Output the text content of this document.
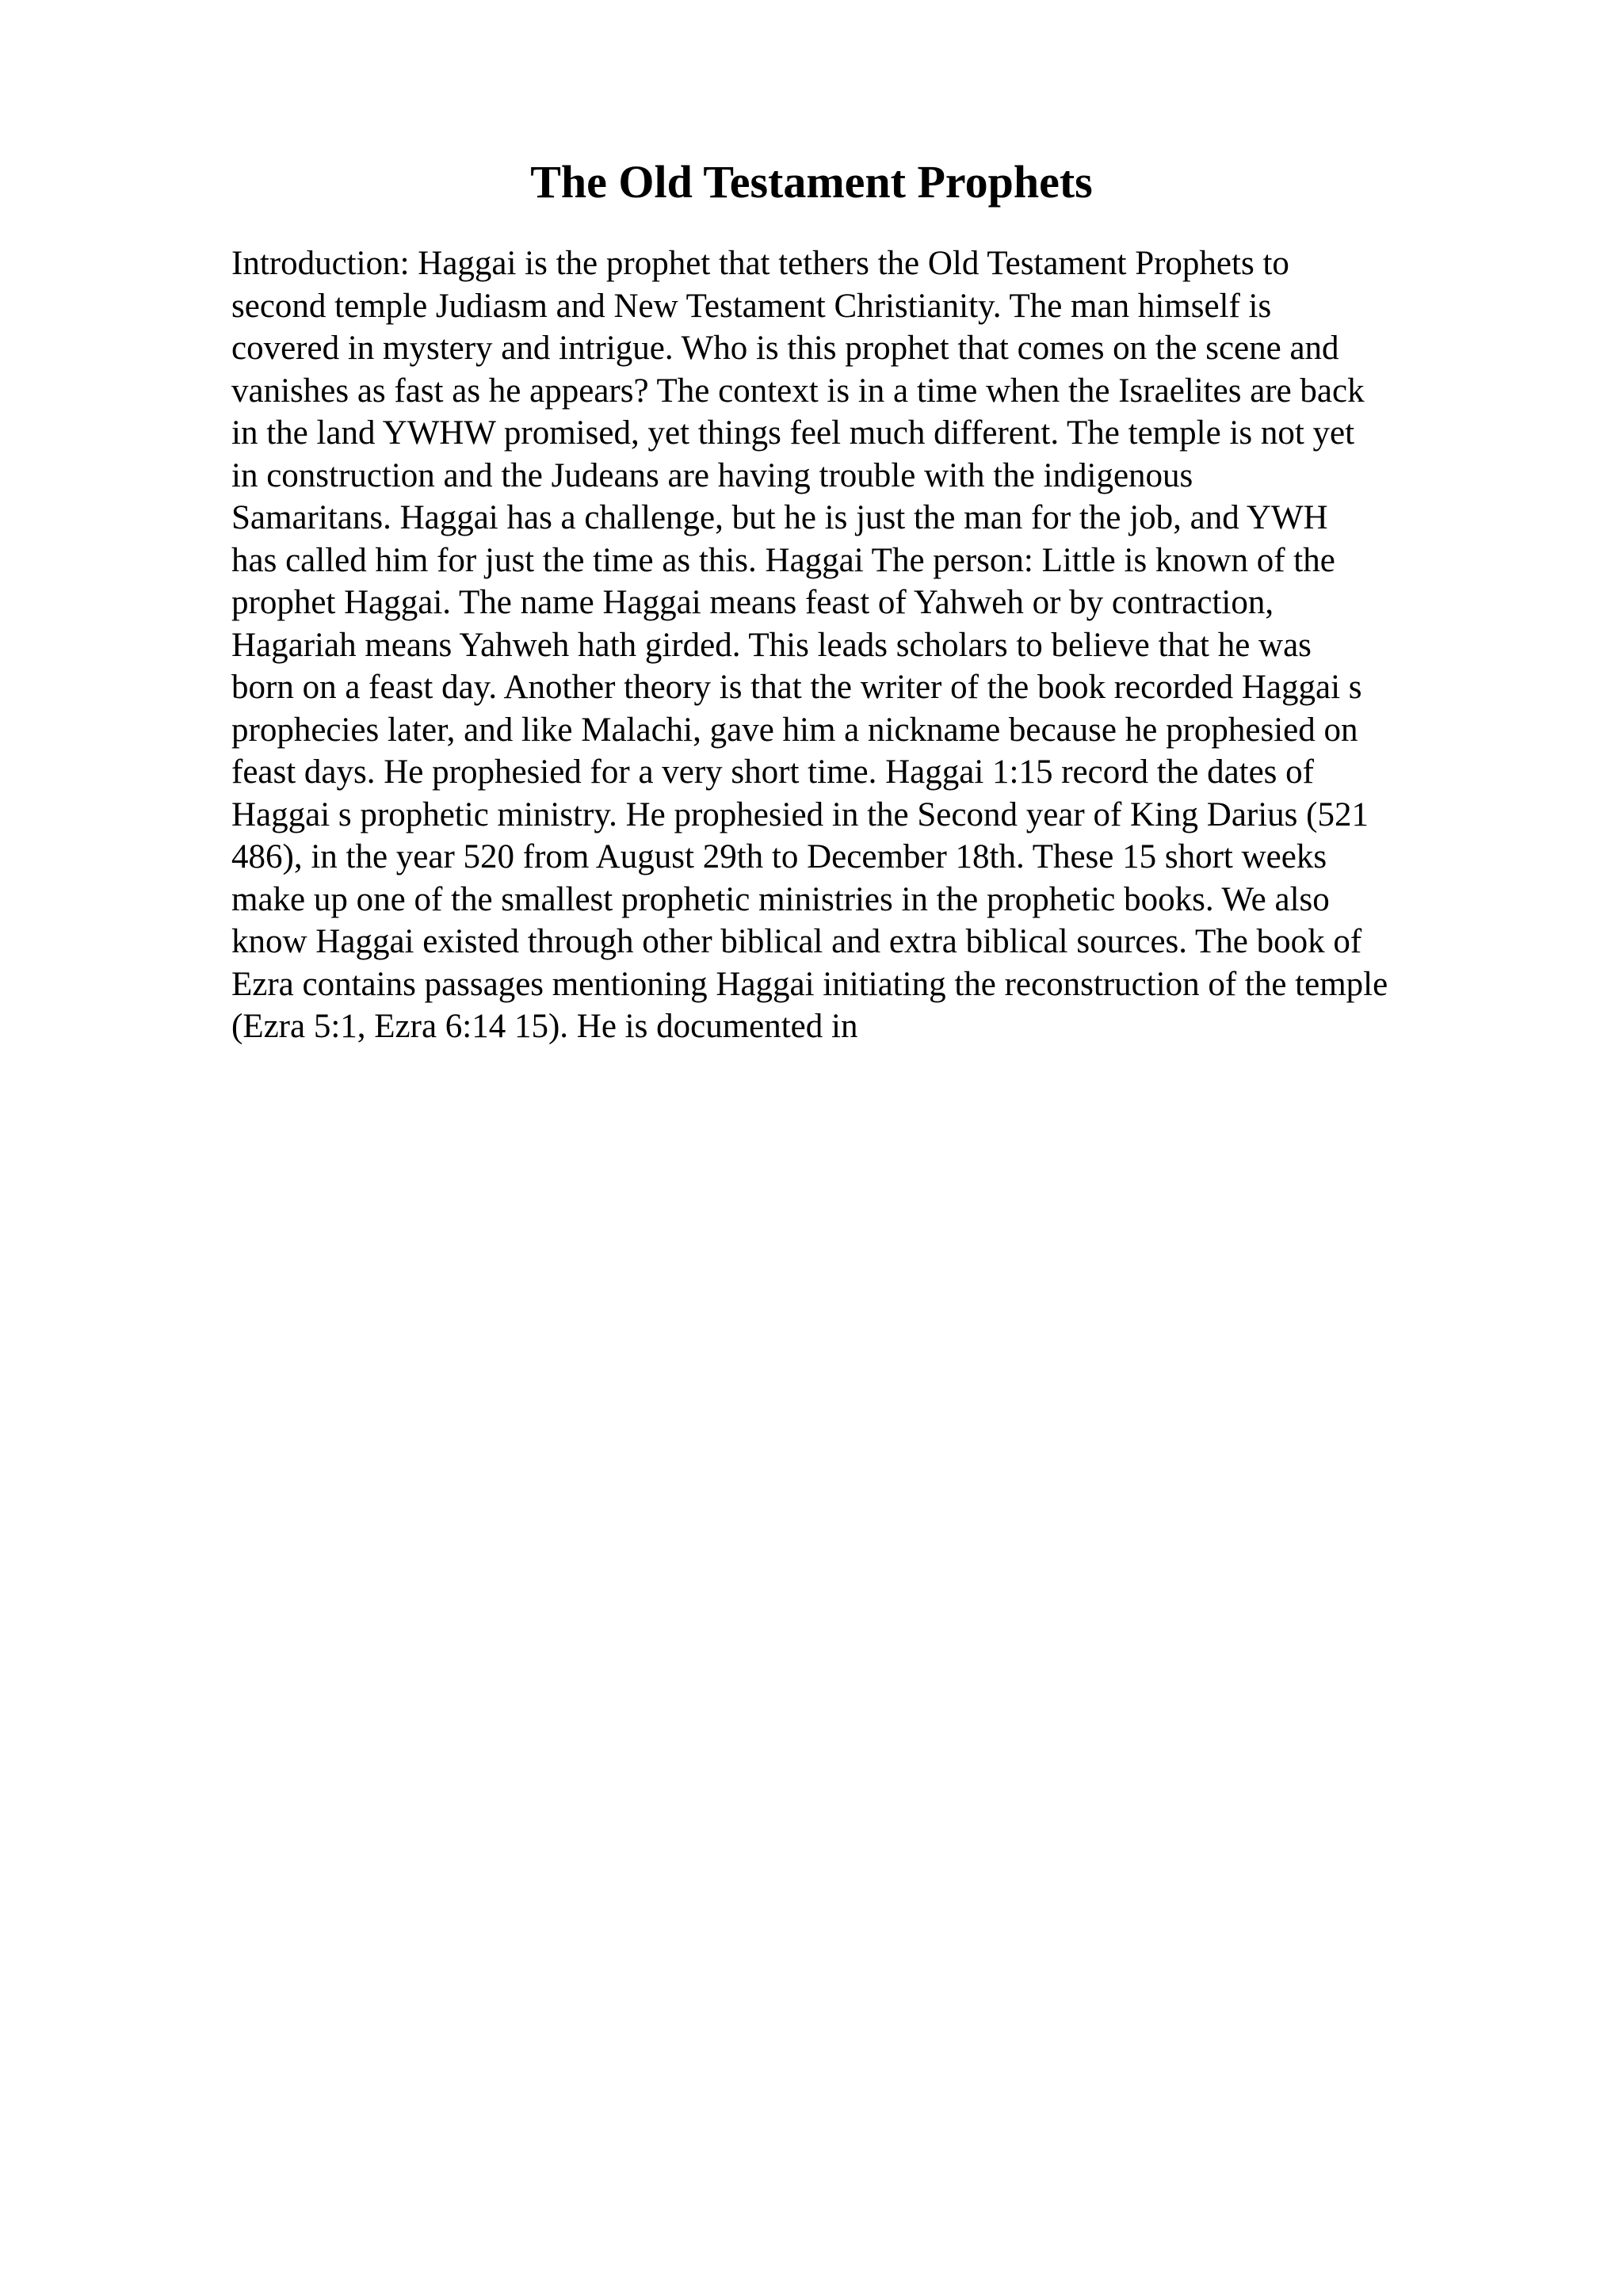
The Old Testament Prophets

Introduction: Haggai is the prophet that tethers the Old Testament Prophets to
second temple Judiasm and New Testament Christianity. The man himself is
covered in mystery and intrigue. Who is this prophet that comes on the scene and
vanishes as fast as he appears? The context is in a time when the Israelites are back
in the land YWHW promised, yet things feel much different. The temple is not yet
in construction and the Judeans are having trouble with the indigenous
Samaritans. Haggai has a challenge, but he is just the man for the job, and YWH
has called him for just the time as this. Haggai The person: Little is known of the
prophet Haggai. The name Haggai means feast of Yahweh or by contraction,
Hagariah means Yahweh hath girded. This leads scholars to believe that he was
born on a feast day. Another theory is that the writer of the book recorded Haggai s
prophecies later, and like Malachi, gave him a nickname because he prophesied on
feast days. He prophesied for a very short time. Haggai 1:15 record the dates of
Haggai s prophetic ministry. He prophesied in the Second year of King Darius (521
486), in the year 520 from August 29th to December 18th. These 15 short weeks
make up one of the smallest prophetic ministries in the prophetic books. We also
know Haggai existed through other biblical and extra biblical sources. The book of
Ezra contains passages mentioning Haggai initiating the reconstruction of the temple
(Ezra 5:1, Ezra 6:14 15). He is documented in
